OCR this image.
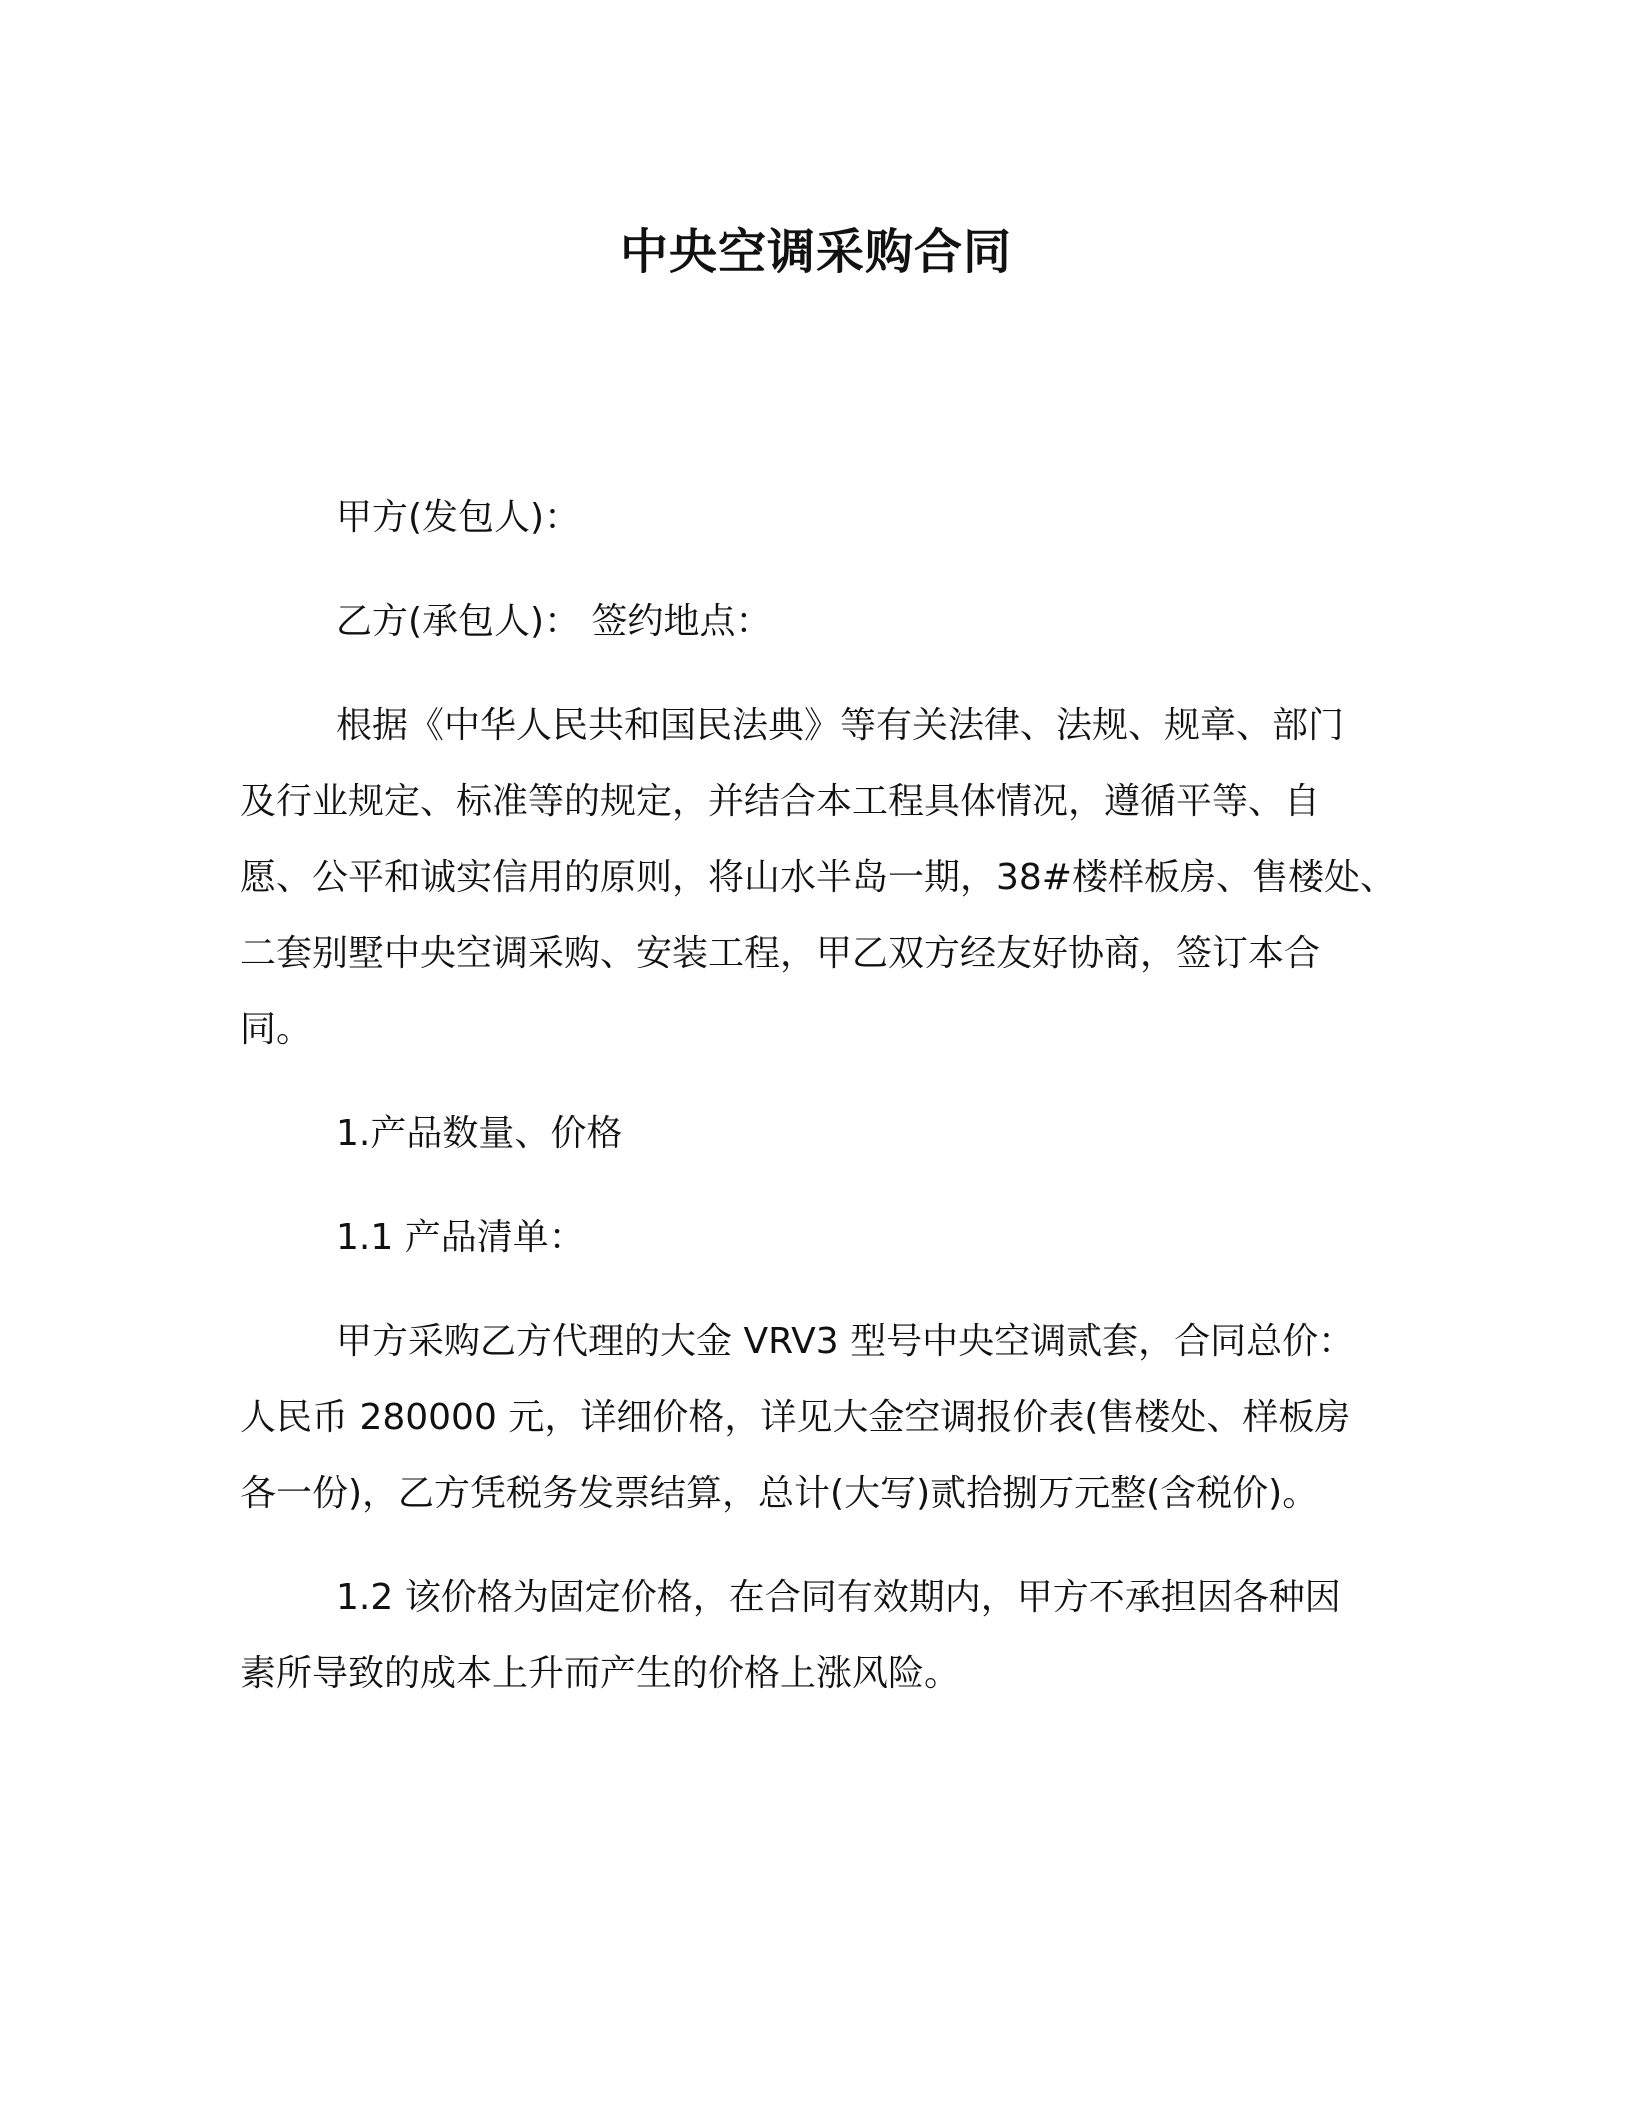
中央空调采购合同
甲方(发包人)：
乙方(承包人)： 签约地点：
根据《中华人民共和国民法典》等有关法律、法规、规章、部门
及行业规定、标准等的规定，并结合本工程具体情况，遵循平等、自
愿、公平和诚实信用的原则，将山水半岛一期，38#楼样板房、售楼处、
二套别墅中央空调采购、安装工程，甲乙双方经友好协商，签订本合
同。
1.产品数量、价格
1.1 产品清单：
甲方采购乙方代理的大金 VRV3 型号中央空调贰套，合同总价：
人民币 280000 元，详细价格，详见大金空调报价表(售楼处、样板房
各一份)，乙方凭税务发票结算，总计(大写)贰拾捌万元整(含税价)。
1.2 该价格为固定价格，在合同有效期内，甲方不承担因各种因
素所导致的成本上升而产生的价格上涨风险。
